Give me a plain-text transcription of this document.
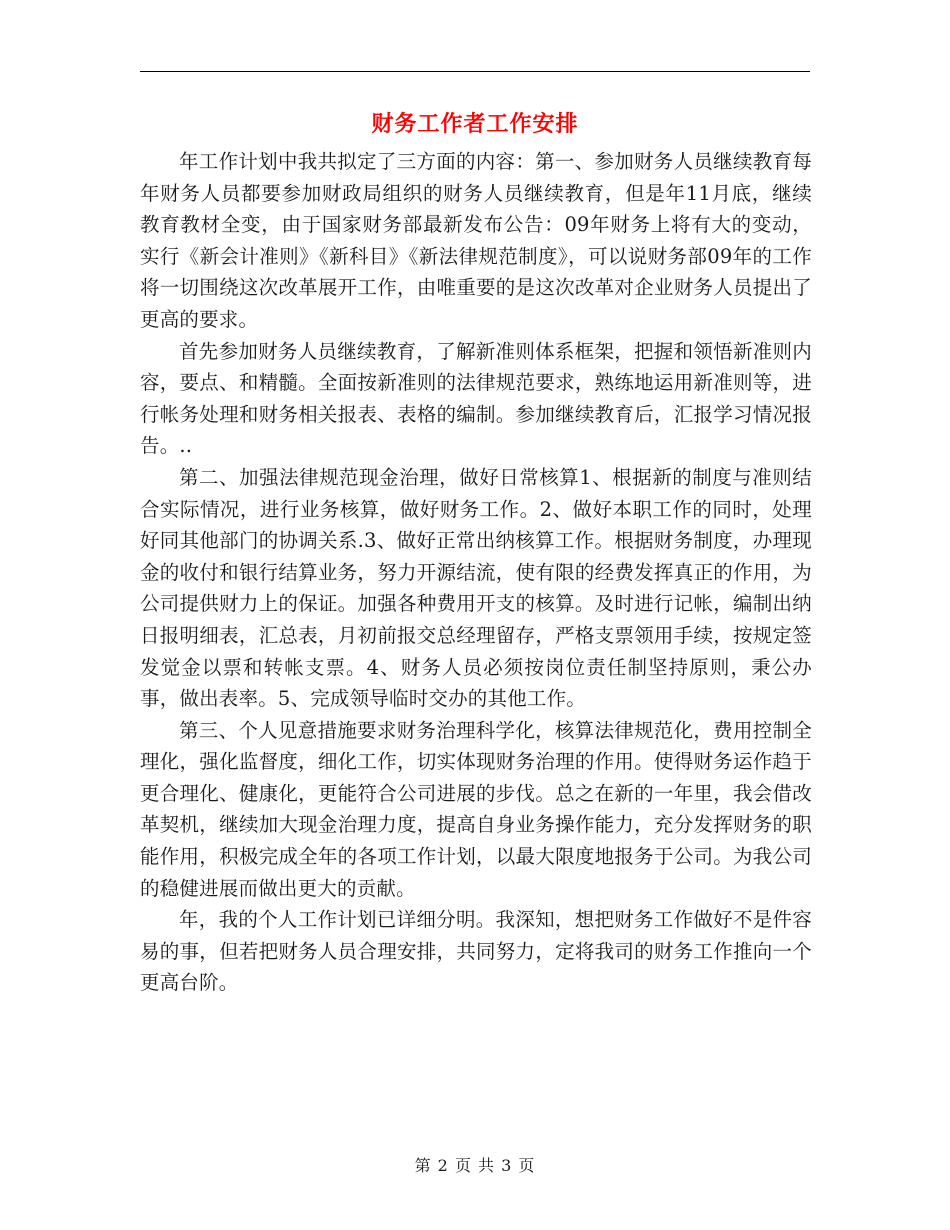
财务工作者工作安排

年工作计划中我共拟定了三方面的内容：第一、参加财务人员继续教育每年财务人员都要参加财政局组织的财务人员继续教育，但是年11月底，继续教育教材全变，由于国家财务部最新发布公告：09年财务上将有大的变动，实行《新会计准则》《新科目》《新法律规范制度》，可以说财务部09年的工作将一切围绕这次改革展开工作，由唯重要的是这次改革对企业财务人员提出了更高的要求。

首先参加财务人员继续教育，了解新准则体系框架，把握和领悟新准则内容，要点、和精髓。全面按新准则的法律规范要求，熟练地运用新准则等，进行帐务处理和财务相关报表、表格的编制。参加继续教育后，汇报学习情况报告。..

第二、加强法律规范现金治理，做好日常核算1、根据新的制度与准则结合实际情况，进行业务核算，做好财务工作。2、做好本职工作的同时，处理好同其他部门的协调关系.3、做好正常出纳核算工作。根据财务制度，办理现金的收付和银行结算业务，努力开源结流，使有限的经费发挥真正的作用，为公司提供财力上的保证。加强各种费用开支的核算。及时进行记帐，编制出纳日报明细表，汇总表，月初前报交总经理留存，严格支票领用手续，按规定签发觉金以票和转帐支票。4、财务人员必须按岗位责任制坚持原则，秉公办事，做出表率。5、完成领导临时交办的其他工作。

第三、个人见意措施要求财务治理科学化，核算法律规范化，费用控制全理化，强化监督度，细化工作，切实体现财务治理的作用。使得财务运作趋于更合理化、健康化，更能符合公司进展的步伐。总之在新的一年里，我会借改革契机，继续加大现金治理力度，提高自身业务操作能力，充分发挥财务的职能作用，积极完成全年的各项工作计划，以最大限度地报务于公司。为我公司的稳健进展而做出更大的贡献。

年，我的个人工作计划已详细分明。我深知，想把财务工作做好不是件容易的事，但若把财务人员合理安排，共同努力，定将我司的财务工作推向一个更高台阶。

第 2 页 共 3 页
